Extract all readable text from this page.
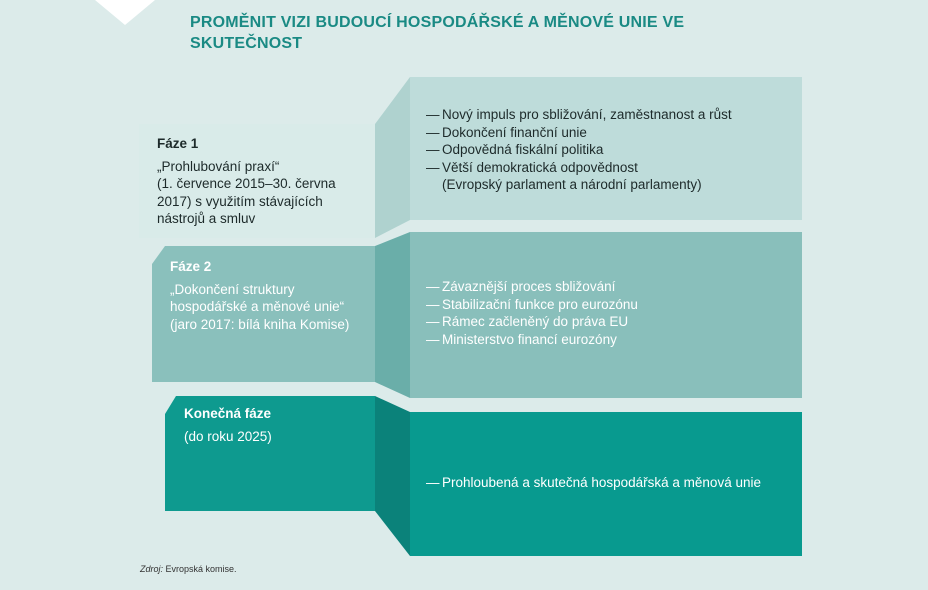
PROMĚNIT VIZI BUDOUCÍ HOSPODÁŘSKÉ A MĚNOVÉ UNIE VE SKUTEČNOST
Fáze 1
„Prohlubování praxí“
(1. července 2015–30. června 2017) s využitím stávajících nástrojů a smluv
— Nový impuls pro sbližování, zaměstnanost a růst
— Dokončení finanční unie
— Odpovědná fiskální politika
— Větší demokratická odpovědnost
(Evropský parlament a národní parlamenty)
Fáze 2
„Dokončení struktury hospodářské a měnové unie“
(jaro 2017: bílá kniha Komise)
— Závaznější proces sbližování
— Stabilizační funkce pro eurozónu
— Rámec začleněný do práva EU
— Ministerstvo financí eurozóny
Konečná fáze
(do roku 2025)
— Prohloubená a skutečná hospodářská a měnová unie
Zdroj: Evropská komise.
